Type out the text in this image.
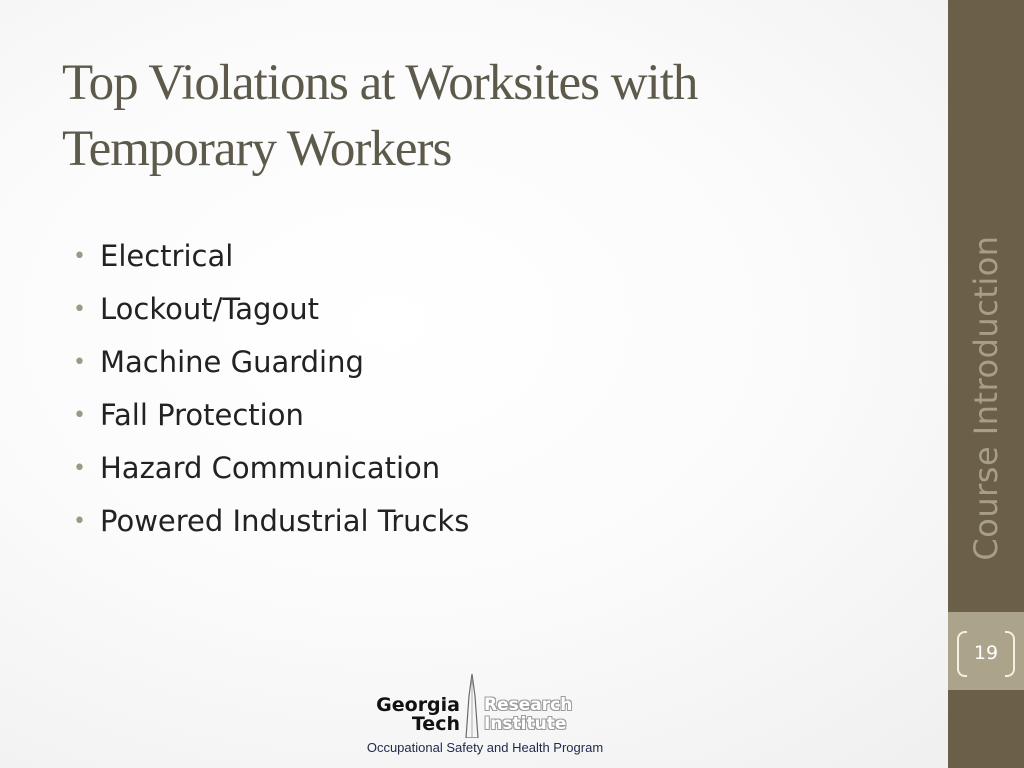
Top Violations at Worksites with
Temporary Workers
• Electrical
• Lockout/Tagout
• Machine Guarding
• Fall Protection
• Hazard Communication
• Powered Industrial Trucks	Course Introduction
19
Georgia
Tech
Research
Institute
Occupational Safety and Health Program
